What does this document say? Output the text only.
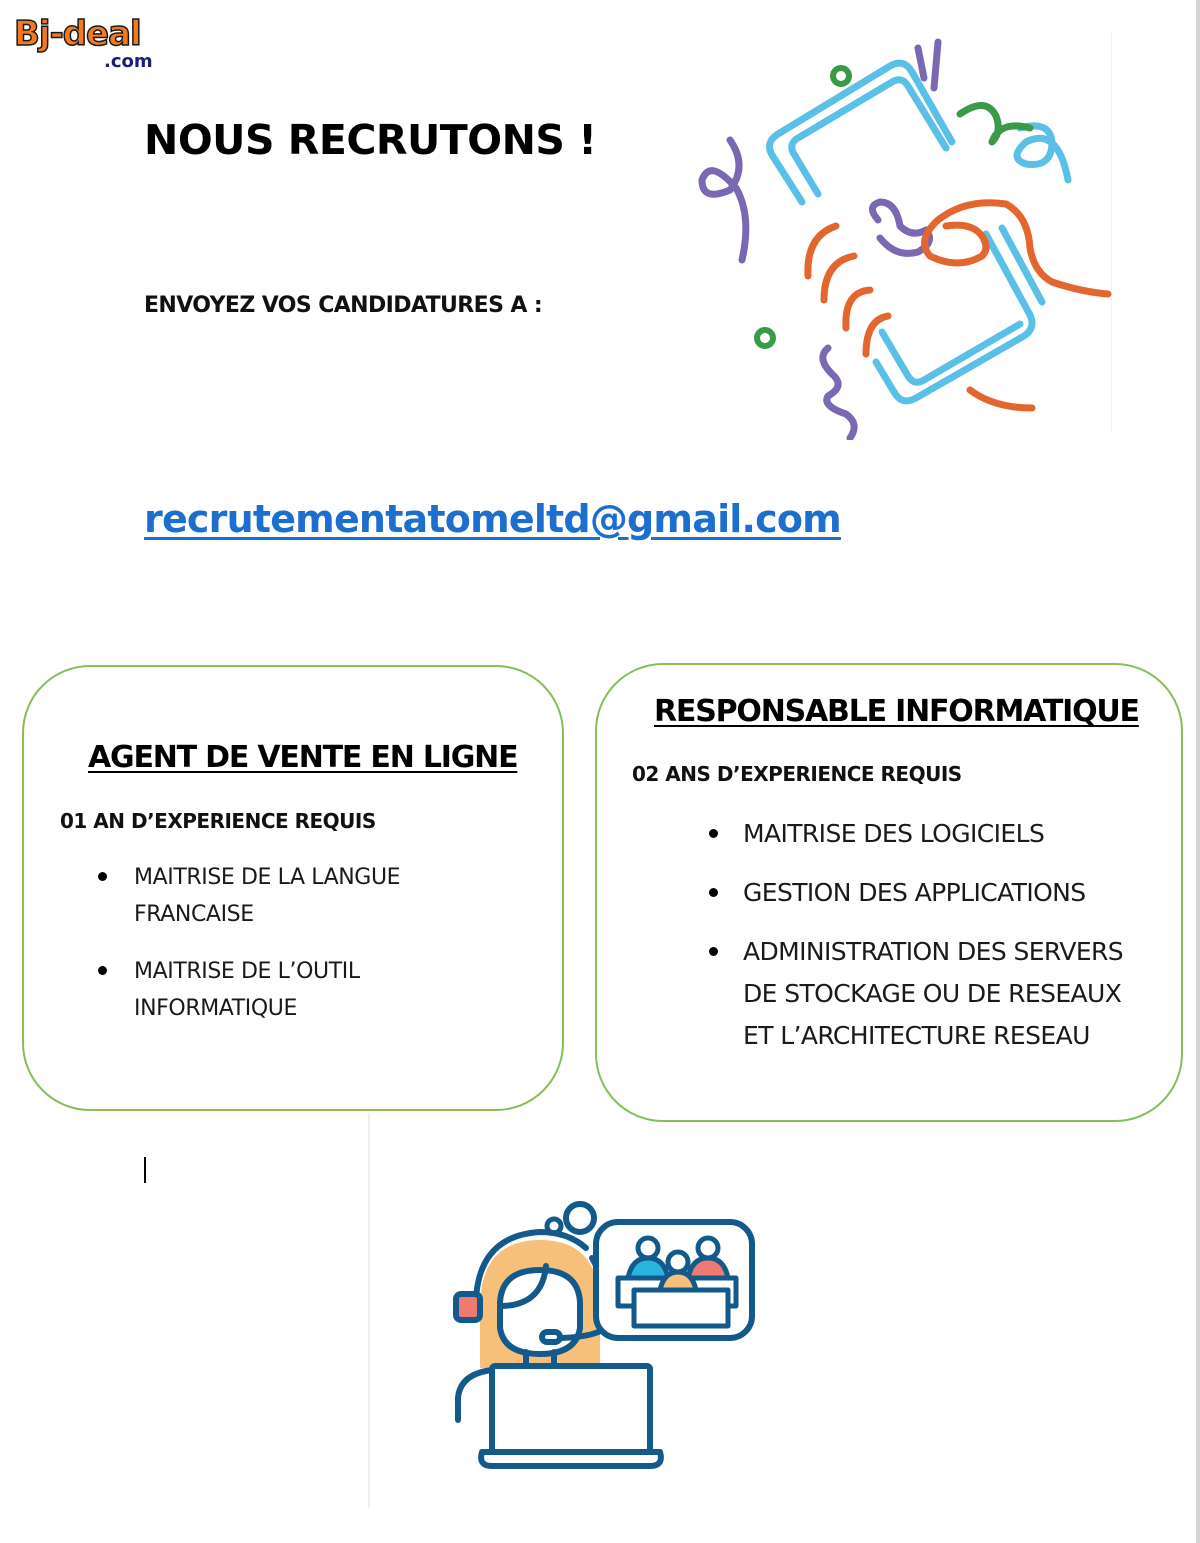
Bj-deal
.com
NOUS RECRUTONS !
ENVOYEZ VOS CANDIDATURES A :
recrutementatomeltd@gmail.com
AGENT DE VENTE EN LIGNE
01 AN D’EXPERIENCE REQUIS
MAITRISE DE LA LANGUE FRANCAISE
MAITRISE DE L’OUTIL INFORMATIQUE
RESPONSABLE INFORMATIQUE
02 ANS D’EXPERIENCE REQUIS
MAITRISE DES LOGICIELS
GESTION DES APPLICATIONS
ADMINISTRATION DES SERVERS DE STOCKAGE OU DE RESEAUX ET L’ARCHITECTURE RESEAU
